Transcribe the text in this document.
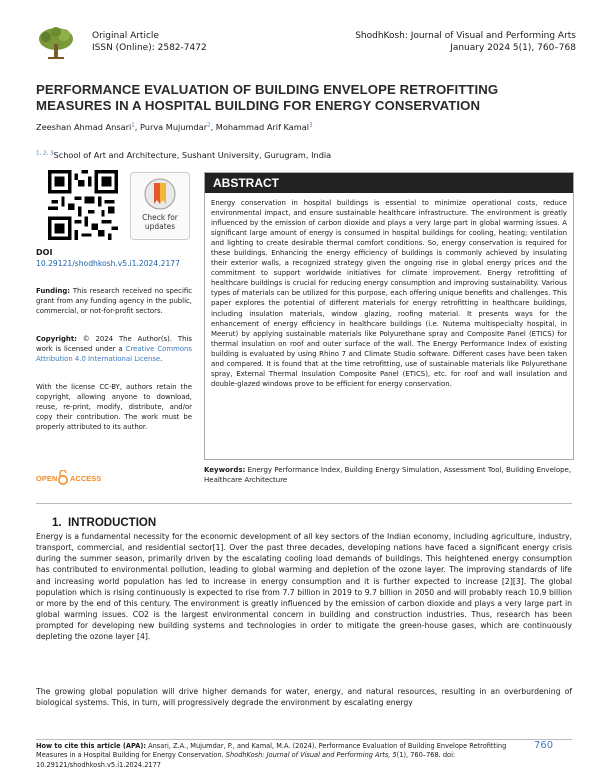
Original Article
ISSN (Online): 2582-7472
ShodhKosh: Journal of Visual and Performing Arts
January 2024 5(1), 760–768
PERFORMANCE EVALUATION OF BUILDING ENVELOPE RETROFITTING MEASURES IN A HOSPITAL BUILDING FOR ENERGY CONSERVATION
Zeeshan Ahmad Ansari$^1$, Purva Mujumdar$^2$, Mohammad Arif Kamal$^3$
$^{1, 2, 3}$School of Art and Architecture, Sushant University, Gurugram, India
Check for
updates
DOI
10.29121/shodhkosh.v5.i1.2024.2177
Funding: This research received no specific grant from any funding agency in the public, commercial, or not-for-profit sectors.
Copyright: © 2024 The Author(s). This work is licensed under a Creative Commons Attribution 4.0 International License.
With the license CC-BY, authors retain the copyright, allowing anyone to download, reuse, re-print, modify, distribute, and/or copy their contribution. The work must be properly attributed to its author.
OPEN ACCESS
ABSTRACT
Energy conservation in hospital buildings is essential to minimize operational costs, reduce environmental impact, and ensure sustainable healthcare infrastructure. The environment is greatly influenced by the emission of carbon dioxide and plays a very large part in global warming issues. A significant large amount of energy is consumed in hospital buildings for cooling, heating; ventilation and lighting to create desirable thermal comfort conditions. So, energy conservation is required for these buildings. Enhancing the energy efficiency of buildings is commonly achieved by insulating their exterior walls, a recognized strategy given the ongoing rise in global energy prices and the commitment to support worldwide initiatives for climate improvement. Energy retrofitting of healthcare buildings is crucial for reducing energy consumption and improving sustainability. Various types of materials can be utilized for this purpose, each offering unique benefits and challenges. This paper explores the potential of different materials for energy retrofitting in healthcare buildings, including insulation materials, window glazing, roofing material. It presents ways for the enhancement of energy efficiency in healthcare buildings (i.e. Nutema multispecialty hospital, in Meerut) by applying sustainable materials like Polyurethane spray and Composite Panel (ETICS) for thermal insulation on roof and outer surface of the wall. The Energy Performance Index of existing building is evaluated by using Rhino 7 and Climate Studio software. Different cases have been taken and compared. It is found that at the time retrofitting, use of sustainable materials like Polyurethane spray, External Thermal Insulation Composite Panel (ETICS), etc. for roof and wall insulation and double-glazed windows prove to be efficient for energy conservation.
Keywords: Energy Performance Index, Building Energy Simulation, Assessment Tool, Building Envelope, Healthcare Architecture
1. INTRODUCTION
Energy is a fundamental necessity for the economic development of all key sectors of the Indian economy, including agriculture, industry, transport, commercial, and residential sector[1]. Over the past three decades, developing nations have faced a significant energy crisis during the summer season, primarily driven by the escalating cooling load demands of buildings. This heightened energy consumption has contributed to environmental pollution, leading to global warming and depletion of the ozone layer. The improving standards of life and increasing world population has led to increase in energy consumption and it is further expected to increase [2][3]. The global population which is rising continuously is expected to rise from 7.7 billion in 2019 to 9.7 billion in 2050 and will probably reach 10.9 billion or more by the end of this century. The environment is greatly influenced by the emission of carbon dioxide and plays a very large part in global warming issues. CO2 is the largest environmental concern in building and construction industries. Thus, research has been prompted for developing new building systems and technologies in order to mitigate the green-house gases, which are continuously depleting the ozone layer [4].
The growing global population will drive higher demands for water, energy, and natural resources, resulting in an overburdening of biological systems. This, in turn, will progressively degrade the environment by escalating energy
How to cite this article (APA): Ansari, Z.A., Mujumdar, P., and Kamal, M.A. (2024). Performance Evaluation of Building Envelope Retrofitting Measures in a Hospital Building for Energy Conservation. ShodhKosh: Journal of Visual and Performing Arts, 5(1), 760–768. doi: 10.29121/shodhkosh.v5.i1.2024.2177
760
